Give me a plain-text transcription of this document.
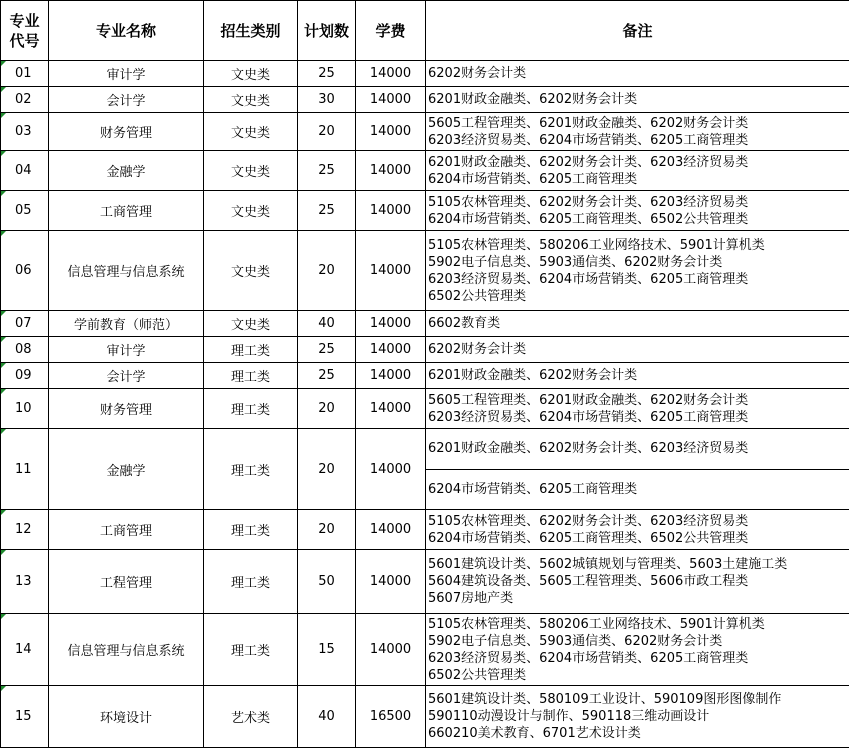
专业代号	专业名称	招生类别	计划数	学费	备注
01	审计学	文史类	25	14000	6202财务会计类

02	会计学	文史类	30	14000	6201财政金融类、6202财务会计类

03	财务管理	文史类	20	14000	5605工程管理类、6201财政金融类、6202财务会计类
6203经济贸易类、6204市场营销类、6205工商管理类

04	金融学	文史类	25	14000	6201财政金融类、6202财务会计类、6203经济贸易类
6204市场营销类、6205工商管理类

05	工商管理	文史类	25	14000	5105农林管理类、6202财务会计类、6203经济贸易类
6204市场营销类、6205工商管理类、6502公共管理类

06	信息管理与信息系统	文史类	20	14000	5105农林管理类、580206工业网络技术、5901计算机类
5902电子信息类、5903通信类、6202财务会计类
6203经济贸易类、6204市场营销类、6205工商管理类
6502公共管理类

07	学前教育（师范）	文史类	40	14000	6602教育类

08	审计学	理工类	25	14000	6202财务会计类

09	会计学	理工类	25	14000	6201财政金融类、6202财务会计类

10	财务管理	理工类	20	14000	5605工程管理类、6201财政金融类、6202财务会计类
6203经济贸易类、6204市场营销类、6205工商管理类

11	金融学	理工类	20	14000	6201财政金融类、6202财务会计类、6203经济贸易类
6204市场营销类、6205工商管理类

12	工商管理	理工类	20	14000	5105农林管理类、6202财务会计类、6203经济贸易类
6204市场营销类、6205工商管理类、6502公共管理类

13	工程管理	理工类	50	14000	5601建筑设计类、5602城镇规划与管理类、5603土建施工类
5604建筑设备类、5605工程管理类、5606市政工程类
5607房地产类

14	信息管理与信息系统	理工类	15	14000	5105农林管理类、580206工业网络技术、5901计算机类
5902电子信息类、5903通信类、6202财务会计类
6203经济贸易类、6204市场营销类、6205工商管理类
6502公共管理类

15	环境设计	艺术类	40	16500	5601建筑设计类、580109工业设计、590109图形图像制作
590110动漫设计与制作、590118三维动画设计
660210美术教育、6701艺术设计类
